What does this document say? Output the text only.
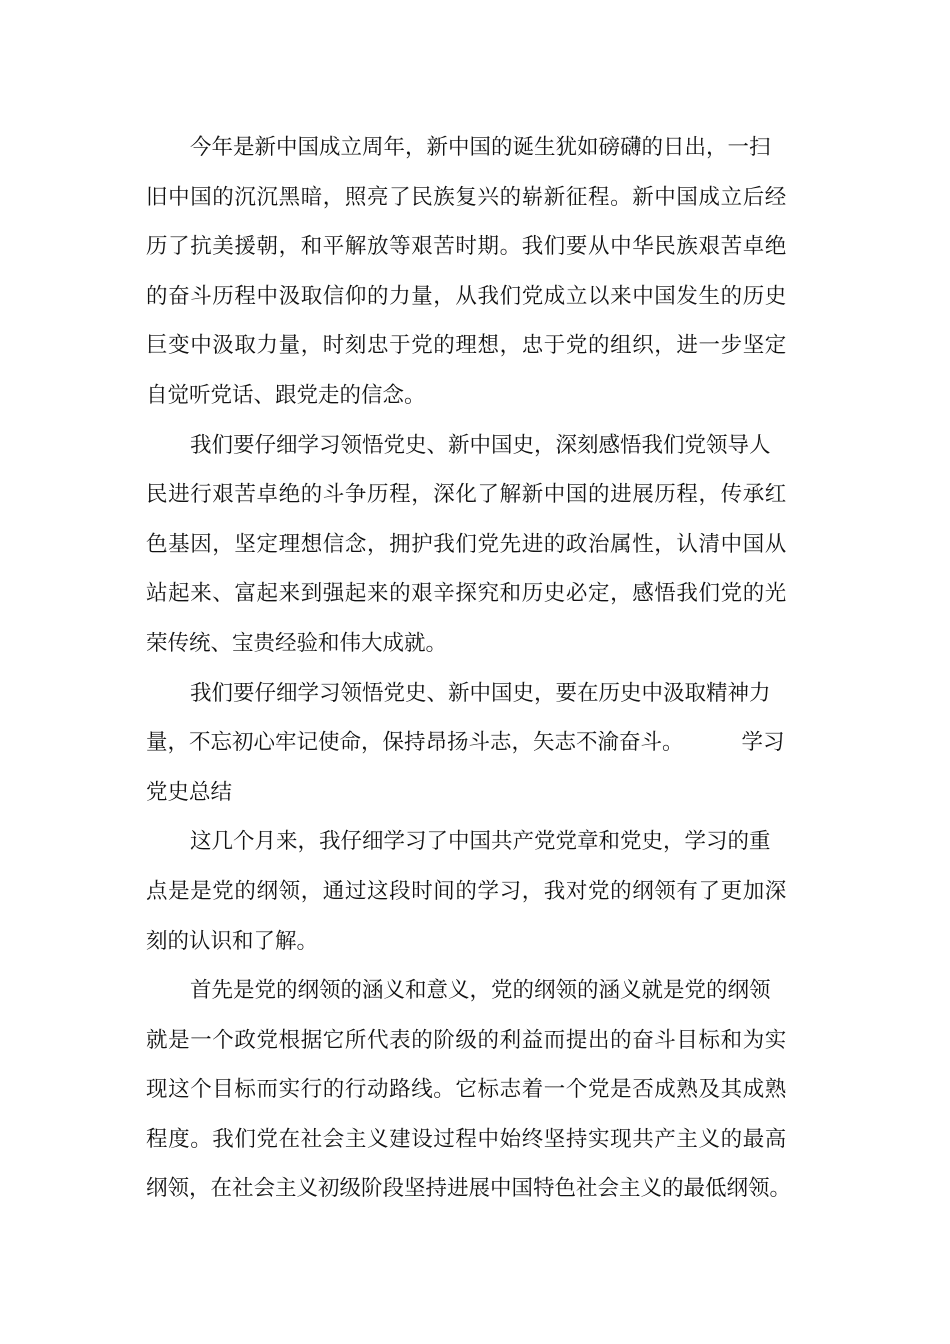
今年是新中国成立周年，新中国的诞生犹如磅礴的日出，一扫
旧中国的沉沉黑暗，照亮了民族复兴的崭新征程。新中国成立后经
历了抗美援朝，和平解放等艰苦时期。我们要从中华民族艰苦卓绝
的奋斗历程中汲取信仰的力量，从我们党成立以来中国发生的历史
巨变中汲取力量，时刻忠于党的理想，忠于党的组织，进一步坚定
自觉听党话、跟党走的信念。
我们要仔细学习领悟党史、新中国史，深刻感悟我们党领导人
民进行艰苦卓绝的斗争历程，深化了解新中国的进展历程，传承红
色基因，坚定理想信念，拥护我们党先进的政治属性，认清中国从
站起来、富起来到强起来的艰辛探究和历史必定，感悟我们党的光
荣传统、宝贵经验和伟大成就。
我们要仔细学习领悟党史、新中国史，要在历史中汲取精神力
量，不忘初心牢记使命，保持昂扬斗志，矢志不渝奋斗。	学习
党史总结
这几个月来，我仔细学习了中国共产党党章和党史，学习的重
点是是党的纲领，通过这段时间的学习，我对党的纲领有了更加深
刻的认识和了解。
首先是党的纲领的涵义和意义，党的纲领的涵义就是党的纲领
就是一个政党根据它所代表的阶级的利益而提出的奋斗目标和为实
现这个目标而实行的行动路线。它标志着一个党是否成熟及其成熟
程度。我们党在社会主义建设过程中始终坚持实现共产主义的最高
纲领，在社会主义初级阶段坚持进展中国特色社会主义的最低纲领。
